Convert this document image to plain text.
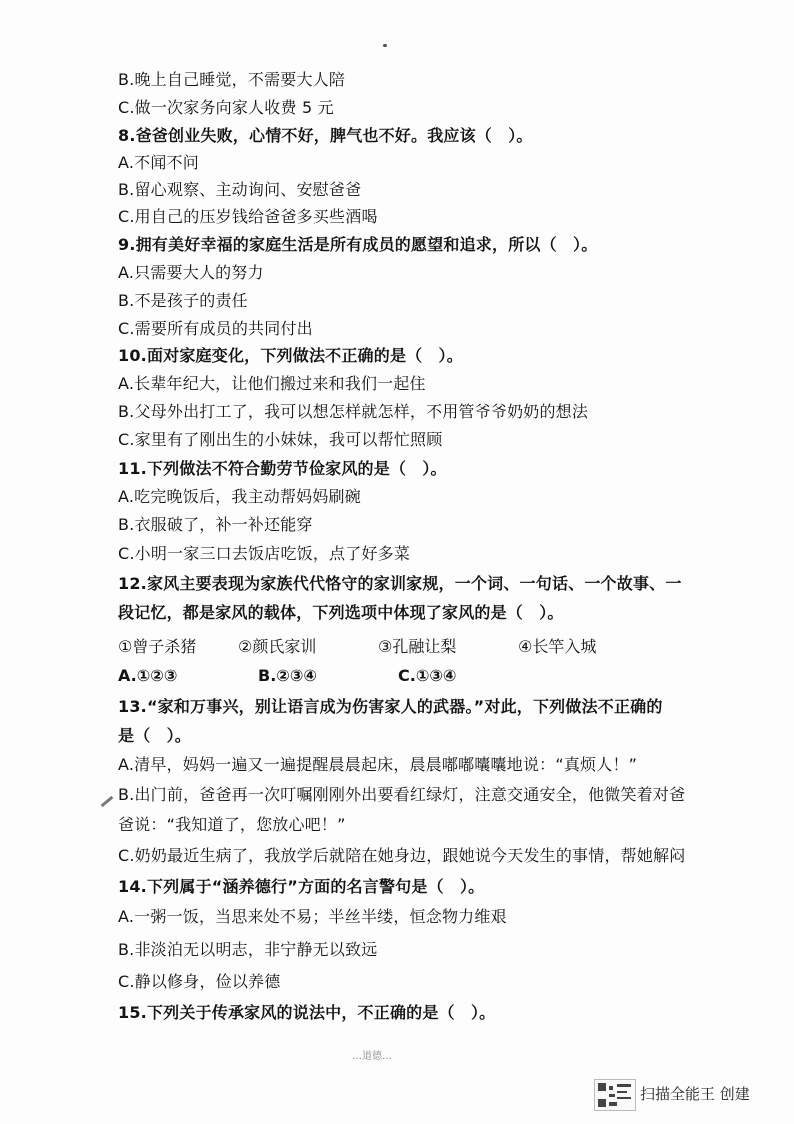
B.晚上自己睡觉，不需要大人陪
C.做一次家务向家人收费 5 元
8.爸爸创业失败，心情不好，脾气也不好。我应该（　）。
A.不闻不问
B.留心观察、主动询问、安慰爸爸
C.用自己的压岁钱给爸爸多买些酒喝
9.拥有美好幸福的家庭生活是所有成员的愿望和追求，所以（　）。
A.只需要大人的努力
B.不是孩子的责任
C.需要所有成员的共同付出
10.面对家庭变化，下列做法不正确的是（　）。
A.长辈年纪大，让他们搬过来和我们一起住
B.父母外出打工了，我可以想怎样就怎样，不用管爷爷奶奶的想法
C.家里有了刚出生的小妹妹，我可以帮忙照顾
11.下列做法不符合勤劳节俭家风的是（　）。
A.吃完晚饭后，我主动帮妈妈刷碗
B.衣服破了，补一补还能穿
C.小明一家三口去饭店吃饭，点了好多菜
12.家风主要表现为家族代代恪守的家训家规，一个词、一句话、一个故事、一
段记忆，都是家风的载体，下列选项中体现了家风的是（　）。
①曾子杀猪	②颜氏家训	③孔融让梨	④长竿入城
A.①②③	B.②③④	C.①③④
13.“家和万事兴，别让语言成为伤害家人的武器。”对此，下列做法不正确的
是（　）。
A.清早，妈妈一遍又一遍提醒晨晨起床，晨晨嘟嘟囔囔地说：“真烦人！”
B.出门前，爸爸再一次叮嘱刚刚外出要看红绿灯，注意交通安全，他微笑着对爸
爸说：“我知道了，您放心吧！”
C.奶奶最近生病了，我放学后就陪在她身边，跟她说今天发生的事情，帮她解闷
14.下列属于“涵养德行”方面的名言警句是（　）。
A.一粥一饭，当思来处不易；半丝半缕，恒念物力维艰
B.非淡泊无以明志，非宁静无以致远
C.静以修身，俭以养德
15.下列关于传承家风的说法中，不正确的是（　）。
…道德…
扫描全能王 创建
